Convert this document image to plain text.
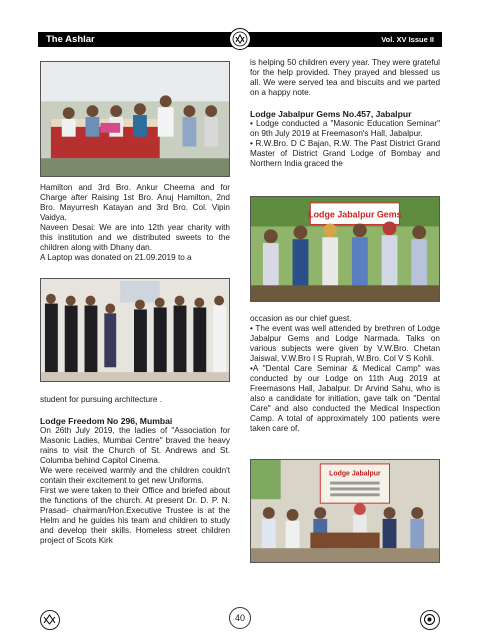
The Ashlar	Vol. XV Issue II

Hamilton and 3rd Bro. Ankur Cheema and for Charge after Raising 1st Bro. Anuj Hamilton, 2nd Bro. Mayurresh Katayan and 3rd Bro. Col. Vipin Vaidya.

Naveen Desai: We are into 12th year charity with this institution and we distributed sweets to the children along with Dhany dan.

A Laptop was donated on 21.09.2019 to a

student for pursuing architecture .

Lodge Freedom No 296, Mumbai

On 26th July 2019, the ladies of "Association for Masonic Ladies, Mumbai Centre" braved the heavy rains to visit the Church of St. Andrews and St. Columba behind Capitol Cinema.

We were received warmly and the children couldn't contain their excitement to get new Uniforms.

First we were taken to their Office and briefed about the functions of the church. At present Dr. D. P. N. Prasad- chairman/Hon.Executive Trustee is at the Helm and he guides his team and children to study and develop their skills. Homeless street children project of Scots Kirk

is helping 50 children every year. They were grateful for the help provided. They prayed and blessed us all. We were served tea and biscuits and we parted on a happy note.

Lodge Jabalpur Gems No.457, Jabalpur

• Lodge conducted a "Masonic Education Seminar" on 9th July 2019 at Freemason's Hall, Jabalpur.

• R.W.Bro. D C Bajan, R.W. The Past District Grand Master of District Grand Lodge of Bombay and Northern India graced the

Lodge Jabalpur Gems

occasion as our chief guest.

• The event was well attended by brethren of Lodge Jabalpur Gems and Lodge Narmada. Talks on various subjects were given by V.W.Bro. Chetan Jaiswal, V.W.Bro I S Ruprah, W.Bro. Col V S Kohli.

•A "Dental Care Seminar & Medical Camp" was conducted by our Lodge on 11th Aug 2019 at Freemasons Hall, Jabalpur. Dr Arvind Sahu, who is also a candidate for initiation, gave talk on "Dental Care" and also conducted the Medical Inspection Camp. A total of approximately 100 patients were taken care of.

Lodge Jabalpur
40
